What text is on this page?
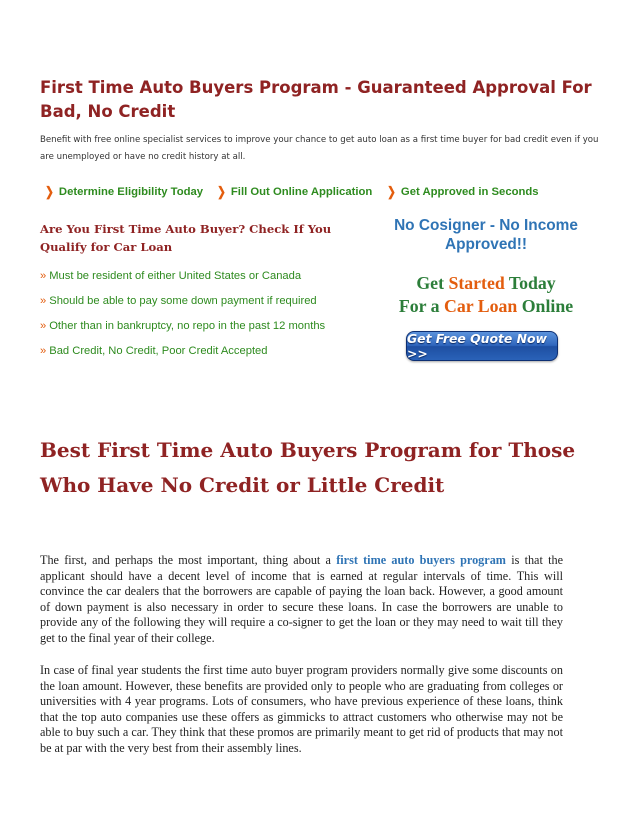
First Time Auto Buyers Program - Guaranteed Approval For Bad, No Credit

Benefit with free online specialist services to improve your chance to get auto loan as a first time buyer for bad credit even if you are unemployed or have no credit history at all.

❯ Determine Eligibility Today ❯ Fill Out Online Application ❯ Get Approved in Seconds
Are You First Time Auto Buyer? Check If You Qualify for Car Loan
» Must be resident of either United States or Canada
» Should be able to pay some down payment if required
» Other than in bankruptcy, no repo in the past 12 months
» Bad Credit, No Credit, Poor Credit Accepted

No Cosigner - No Income Approved!!

Get Started Today
For a Car Loan Online

Get Free Quote Now >>
Best First Time Auto Buyers Program for Those Who Have No Credit or Little Credit

The first, and perhaps the most important, thing about a first time auto buyers program is that the applicant should have a decent level of income that is earned at regular intervals of time. This will convince the car dealers that the borrowers are capable of paying the loan back. However, a good amount of down payment is also necessary in order to secure these loans. In case the borrowers are unable to provide any of the following they will require a co-signer to get the loan or they may need to wait till they get to the final year of their college.

In case of final year students the first time auto buyer program providers normally give some discounts on the loan amount. However, these benefits are provided only to people who are graduating from colleges or universities with 4 year programs. Lots of consumers, who have previous experience of these loans, think that the top auto companies use these offers as gimmicks to attract customers who otherwise may not be able to buy such a car. They think that these promos are primarily meant to get rid of products that may not be at par with the very best from their assembly lines.
